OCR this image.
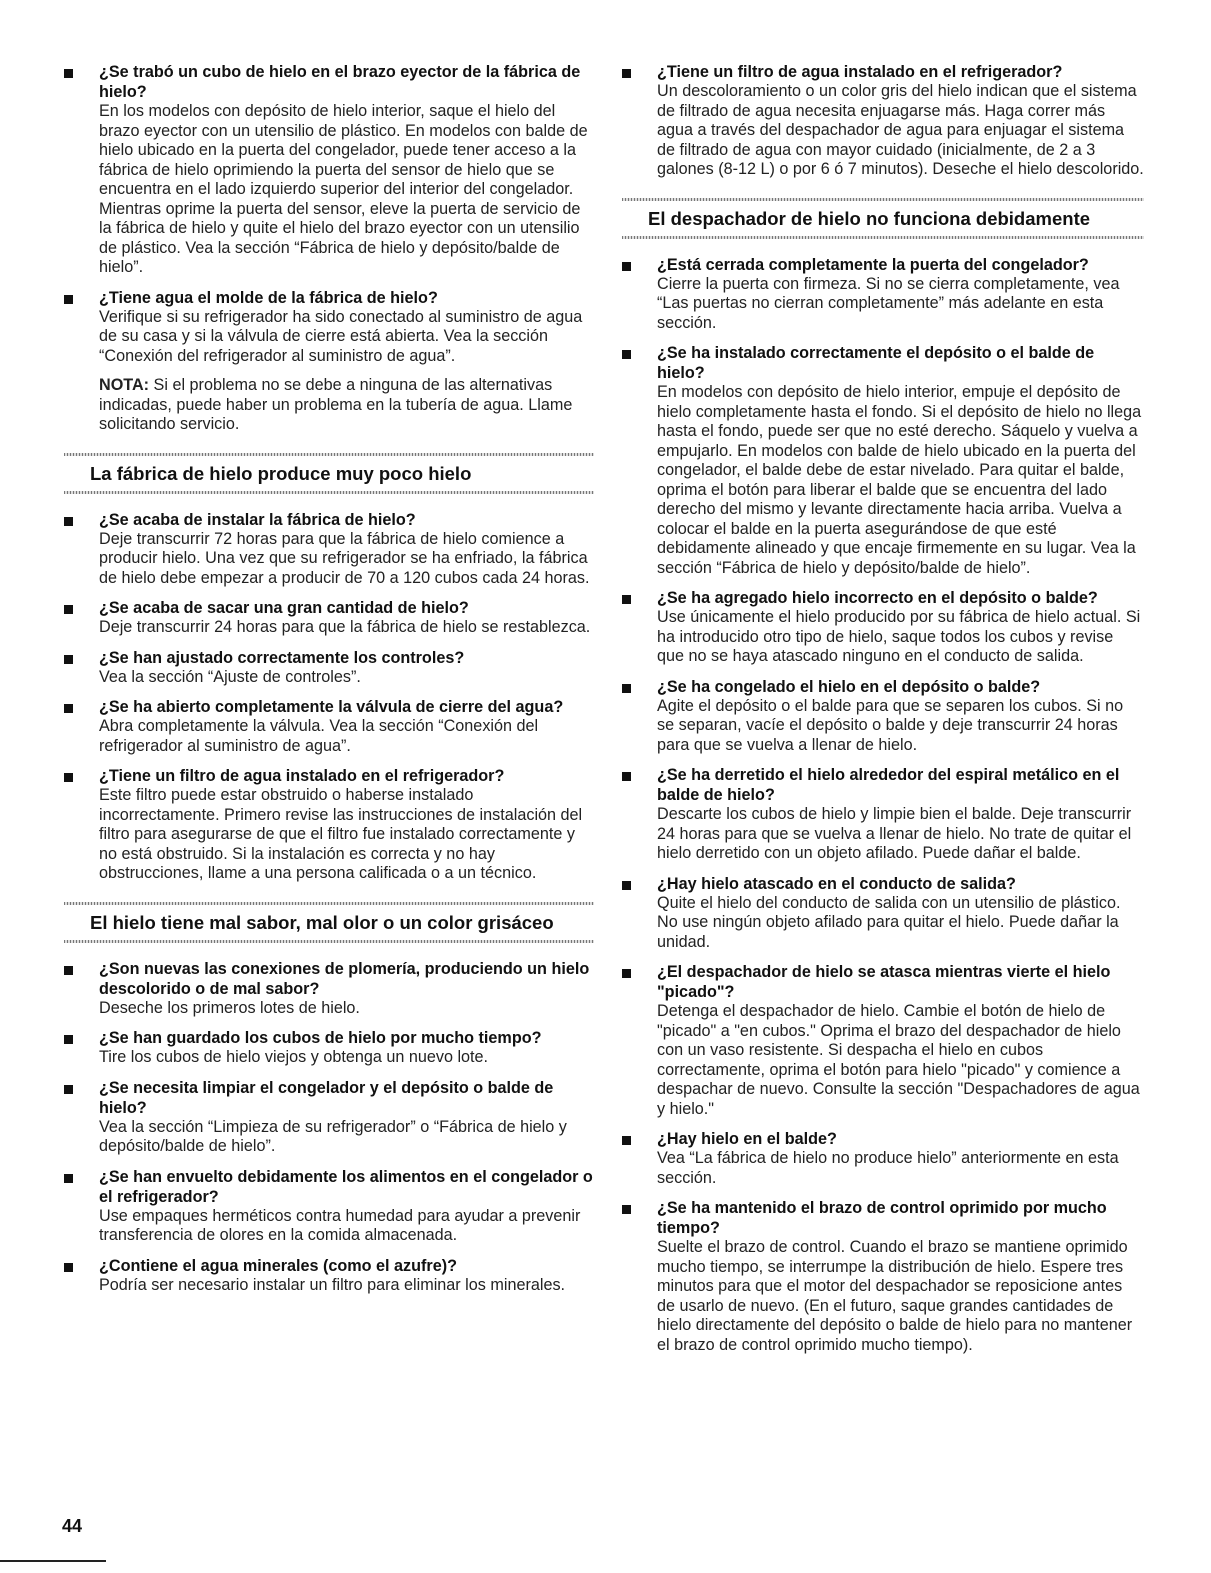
¿Se trabó un cubo de hielo en el brazo eyector de la fábrica de hielo?
En los modelos con depósito de hielo interior, saque el hielo del brazo eyector con un utensilio de plástico. En modelos con balde de hielo ubicado en la puerta del congelador, puede tener acceso a la fábrica de hielo oprimiendo la puerta del sensor de hielo que se encuentra en el lado izquierdo superior del interior del congelador. Mientras oprime la puerta del sensor, eleve la puerta de servicio de la fábrica de hielo y quite el hielo del brazo eyector con un utensilio de plástico. Vea la sección “Fábrica de hielo y depósito/balde de hielo”.
¿Tiene agua el molde de la fábrica de hielo?
Verifique si su refrigerador ha sido conectado al suministro de agua de su casa y si la válvula de cierre está abierta. Vea la sección “Conexión del refrigerador al suministro de agua”.
NOTA: Si el problema no se debe a ninguna de las alternativas indicadas, puede haber un problema en la tubería de agua. Llame solicitando servicio.
La fábrica de hielo produce muy poco hielo
¿Se acaba de instalar la fábrica de hielo?
Deje transcurrir 72 horas para que la fábrica de hielo comience a producir hielo. Una vez que su refrigerador se ha enfriado, la fábrica de hielo debe empezar a producir de 70 a 120 cubos cada 24 horas.
¿Se acaba de sacar una gran cantidad de hielo?
Deje transcurrir 24 horas para que la fábrica de hielo se restablezca.
¿Se han ajustado correctamente los controles?
Vea la sección “Ajuste de controles”.
¿Se ha abierto completamente la válvula de cierre del agua?
Abra completamente la válvula. Vea la sección “Conexión del refrigerador al suministro de agua”.
¿Tiene un filtro de agua instalado en el refrigerador?
Este filtro puede estar obstruido o haberse instalado incorrectamente. Primero revise las instrucciones de instalación del filtro para asegurarse de que el filtro fue instalado correctamente y no está obstruido. Si la instalación es correcta y no hay obstrucciones, llame a una persona calificada o a un técnico.
El hielo tiene mal sabor, mal olor o un color grisáceo
¿Son nuevas las conexiones de plomería, produciendo un hielo descolorido o de mal sabor?
Deseche los primeros lotes de hielo.
¿Se han guardado los cubos de hielo por mucho tiempo?
Tire los cubos de hielo viejos y obtenga un nuevo lote.
¿Se necesita limpiar el congelador y el depósito o balde de hielo?
Vea la sección “Limpieza de su refrigerador” o “Fábrica de hielo y depósito/balde de hielo”.
¿Se han envuelto debidamente los alimentos en el congelador o el refrigerador?
Use empaques herméticos contra humedad para ayudar a prevenir transferencia de olores en la comida almacenada.
¿Contiene el agua minerales (como el azufre)?
Podría ser necesario instalar un filtro para eliminar los minerales.
¿Tiene un filtro de agua instalado en el refrigerador?
Un descoloramiento o un color gris del hielo indican que el sistema de filtrado de agua necesita enjuagarse más. Haga correr más agua a través del despachador de agua para enjuagar el sistema de filtrado de agua con mayor cuidado (inicialmente, de 2 a 3 galones (8-12 L) o por 6 ó 7 minutos). Deseche el hielo descolorido.
El despachador de hielo no funciona debidamente
¿Está cerrada completamente la puerta del congelador?
Cierre la puerta con firmeza. Si no se cierra completamente, vea “Las puertas no cierran completamente” más adelante en esta sección.
¿Se ha instalado correctamente el depósito o el balde de hielo?
En modelos con depósito de hielo interior, empuje el depósito de hielo completamente hasta el fondo. Si el depósito de hielo no llega hasta el fondo, puede ser que no esté derecho. Sáquelo y vuelva a empujarlo. En modelos con balde de hielo ubicado en la puerta del congelador, el balde debe de estar nivelado. Para quitar el balde, oprima el botón para liberar el balde que se encuentra del lado derecho del mismo y levante directamente hacia arriba. Vuelva a colocar el balde en la puerta asegurándose de que esté debidamente alineado y que encaje firmemente en su lugar. Vea la sección “Fábrica de hielo y depósito/balde de hielo”.
¿Se ha agregado hielo incorrecto en el depósito o balde?
Use únicamente el hielo producido por su fábrica de hielo actual. Si ha introducido otro tipo de hielo, saque todos los cubos y revise que no se haya atascado ninguno en el conducto de salida.
¿Se ha congelado el hielo en el depósito o balde?
Agite el depósito o el balde para que se separen los cubos. Si no se separan, vacíe el depósito o balde y deje transcurrir 24 horas para que se vuelva a llenar de hielo.
¿Se ha derretido el hielo alrededor del espiral metálico en el balde de hielo?
Descarte los cubos de hielo y limpie bien el balde. Deje transcurrir 24 horas para que se vuelva a llenar de hielo. No trate de quitar el hielo derretido con un objeto afilado. Puede dañar el balde.
¿Hay hielo atascado en el conducto de salida?
Quite el hielo del conducto de salida con un utensilio de plástico. No use ningún objeto afilado para quitar el hielo. Puede dañar la unidad.
¿El despachador de hielo se atasca mientras vierte el hielo "picado"?
Detenga el despachador de hielo. Cambie el botón de hielo de "picado" a "en cubos." Oprima el brazo del despachador de hielo con un vaso resistente. Si despacha el hielo en cubos correctamente, oprima el botón para hielo "picado" y comience a despachar de nuevo. Consulte la sección "Despachadores de agua y hielo."
¿Hay hielo en el balde?
Vea “La fábrica de hielo no produce hielo” anteriormente en esta sección.
¿Se ha mantenido el brazo de control oprimido por mucho tiempo?
Suelte el brazo de control. Cuando el brazo se mantiene oprimido mucho tiempo, se interrumpe la distribución de hielo. Espere tres minutos para que el motor del despachador se reposicione antes de usarlo de nuevo. (En el futuro, saque grandes cantidades de hielo directamente del depósito o balde de hielo para no mantener el brazo de control oprimido mucho tiempo).
44
